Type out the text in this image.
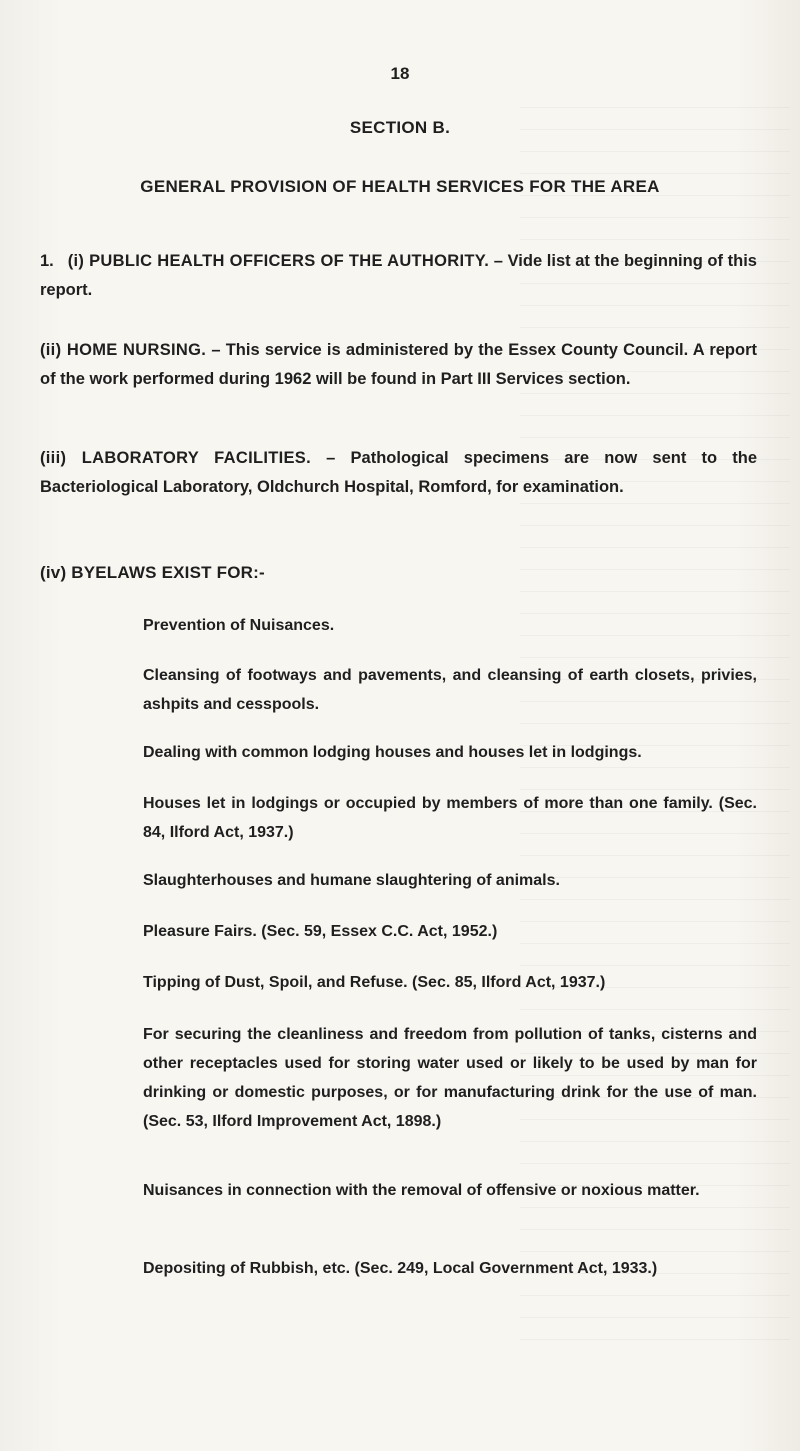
18
SECTION B.
GENERAL PROVISION OF HEALTH SERVICES FOR THE AREA
1. (i) PUBLIC HEALTH OFFICERS OF THE AUTHORITY. – Vide list at the beginning of this report.
(ii) HOME NURSING. – This service is administered by the Essex County Council. A report of the work performed during 1962 will be found in Part III Services section.
(iii) LABORATORY FACILITIES. – Pathological specimens are now sent to the Bacteriological Laboratory, Oldchurch Hospital, Romford, for examination.
(iv) BYELAWS EXIST FOR:-
Prevention of Nuisances.
Cleansing of footways and pavements, and cleansing of earth closets, privies, ashpits and cesspools.
Dealing with common lodging houses and houses let in lodgings.
Houses let in lodgings or occupied by members of more than one family. (Sec. 84, Ilford Act, 1937.)
Slaughterhouses and humane slaughtering of animals.
Pleasure Fairs. (Sec. 59, Essex C.C. Act, 1952.)
Tipping of Dust, Spoil, and Refuse. (Sec. 85, Ilford Act, 1937.)
For securing the cleanliness and freedom from pollution of tanks, cisterns and other receptacles used for storing water used or likely to be used by man for drinking or domestic purposes, or for manufacturing drink for the use of man. (Sec. 53, Ilford Improvement Act, 1898.)
Nuisances in connection with the removal of offensive or noxious matter.
Depositing of Rubbish, etc. (Sec. 249, Local Government Act, 1933.)
